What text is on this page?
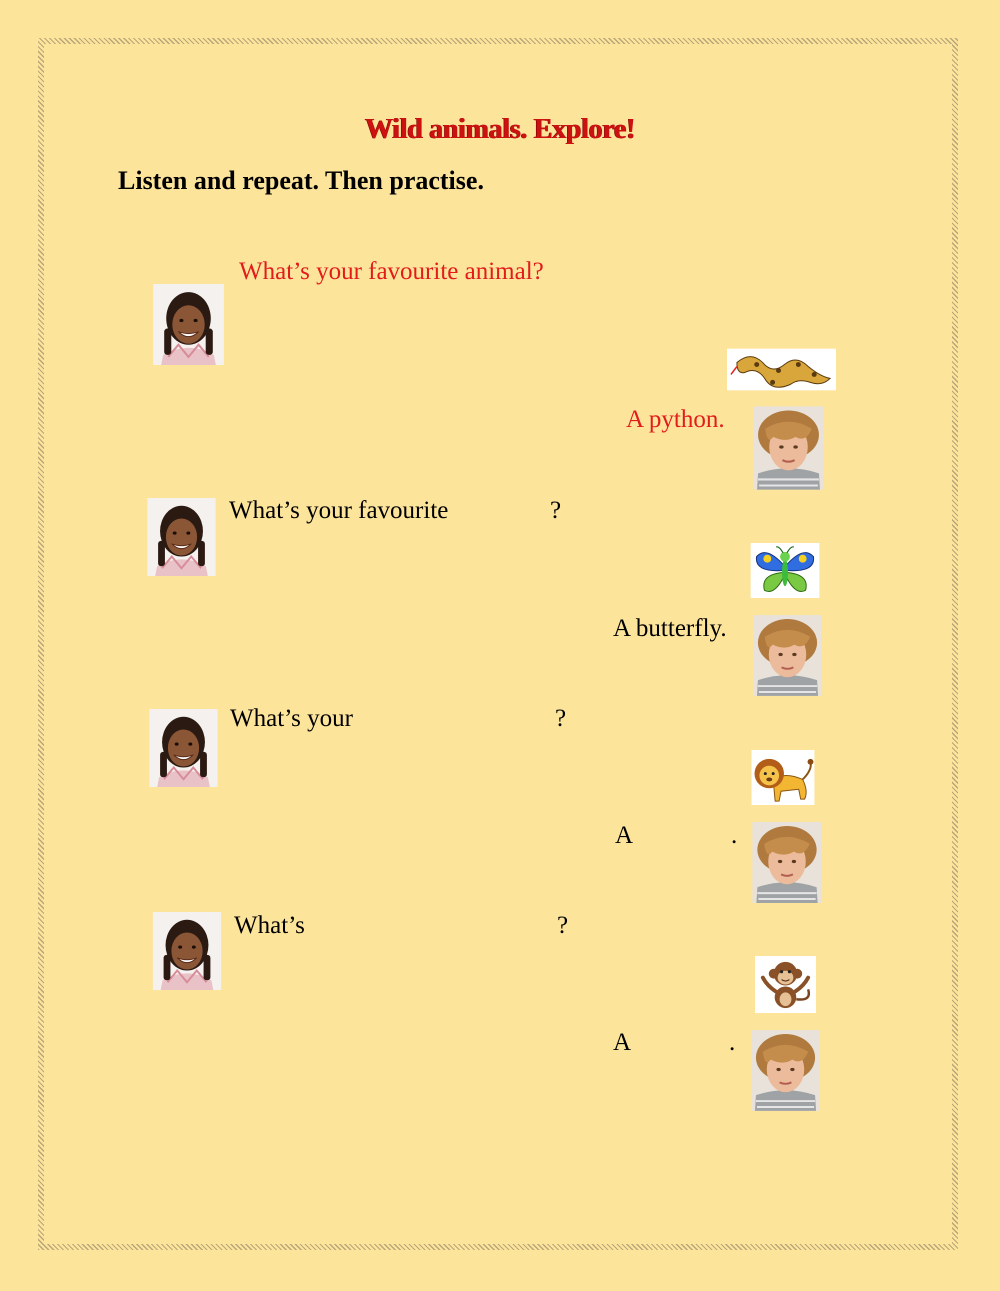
Wild animals. Explore!
Listen and repeat. Then practise.
What’s your favourite animal?
A python.
What’s your favourite	?
A butterfly.
What’s your	?
A	.
What’s	?
A	.
